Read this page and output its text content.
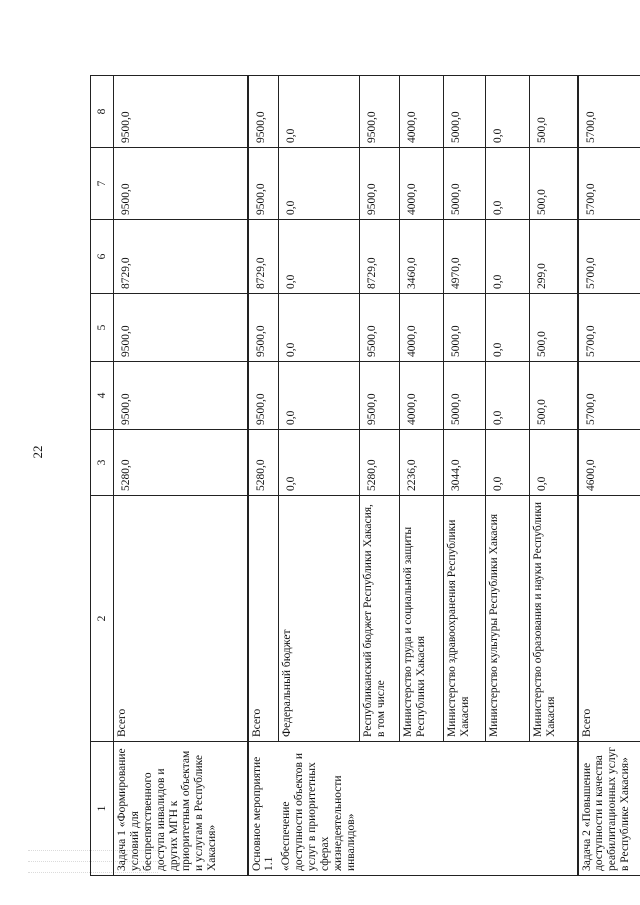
22
1	2	3	4	5	6	7	8
Задача 1 «Формирование условий для беспрепятственного доступа инвалидов и других МГН к приоритетным объектам и услугам в Республике Хакасия»	Всего	5280,0	9500,0	9500,0	8729,0	9500,0	9500,0
Основное мероприятие 1.1	Всего	5280,0	9500,0	9500,0	8729,0	9500,0	9500,0
«Обеспечение доступности объектов и услуг в приоритетных сферах жизнедеятельности инвалидов»	Федеральный бюджет	0,0	0,0	0,0	0,0	0,0	0,0
	Республиканский бюджет Республики Хакасия, в том числе	5280,0	9500,0	9500,0	8729,0	9500,0	9500,0
	Министерство труда и социальной защиты Республики Хакасия	2236,0	4000,0	4000,0	3460,0	4000,0	4000,0
	Министерство здравоохранения Республики Хакасия	3044,0	5000,0	5000,0	4970,0	5000,0	5000,0
	Министерство культуры Республики Хакасия	0,0	0,0	0,0	0,0	0,0	0,0
	Министерство образования и науки Республики Хакасия	0,0	500,0	500,0	299,0	500,0	500,0
Задача 2 «Повышение доступности и качества реабилитационных услуг в Республике Хакасия»	Всего	4600,0	5700,0	5700,0	5700,0	5700,0	5700,0
